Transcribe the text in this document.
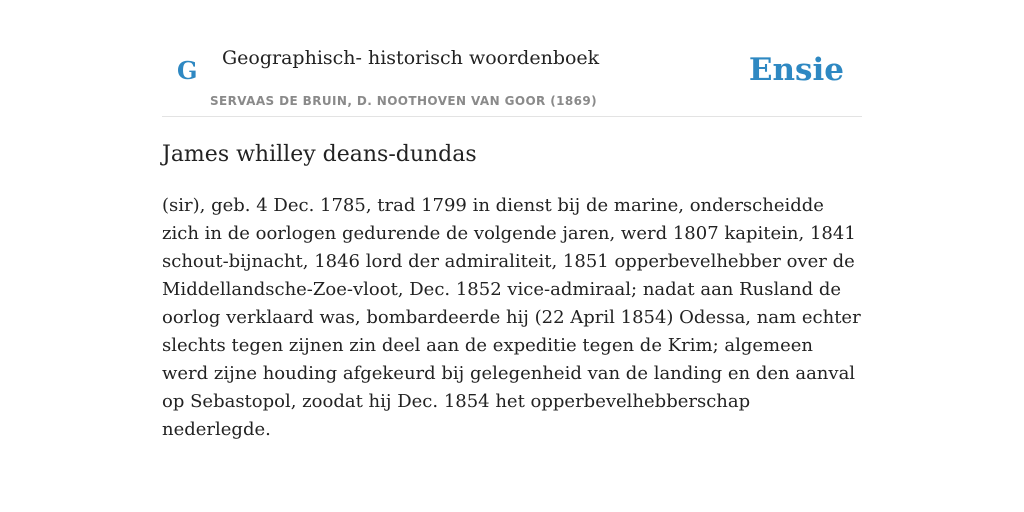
G Geographisch- historisch woordenboek
SERVAAS DE BRUIN, D. NOOTHOVEN VAN GOOR (1869)
Ensie
James whilley deans-dundas

(sir), geb. 4 Dec. 1785, trad 1799 in dienst bij de marine, onderscheidde zich in de oorlogen gedurende de volgende jaren, werd 1807 kapitein, 1841 schout-bijnacht, 1846 lord der admiraliteit, 1851 opperbevelhebber over de Middellandsche-Zoe-vloot, Dec. 1852 vice-admiraal; nadat aan Rusland de oorlog verklaard was, bombardeerde hij (22 April 1854) Odessa, nam echter slechts tegen zijnen zin deel aan de expeditie tegen de Krim; algemeen werd zijne houding afgekeurd bij gelegenheid van de landing en den aanval op Sebastopol, zoodat hij Dec. 1854 het opperbevelhebberschap nederlegde.
